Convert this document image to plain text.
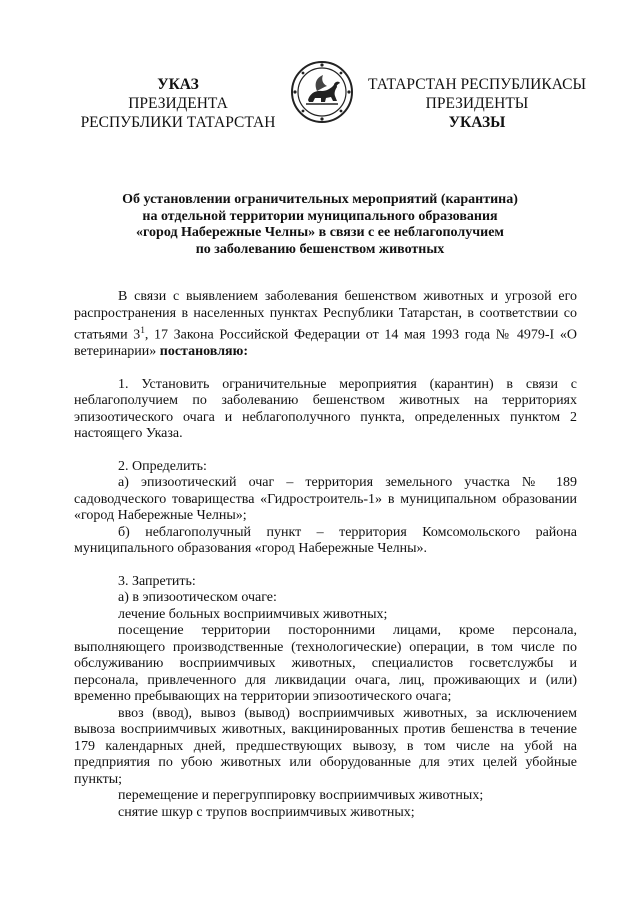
УКАЗ
ПРЕЗИДЕНТА
РЕСПУБЛИКИ ТАТАРСТАН
ТАТАРСТАН РЕСПУБЛИКАСЫ
ПРЕЗИДЕНТЫ
УКАЗЫ
Об установлении ограничительных мероприятий (карантина)
на отдельной территории муниципального образования
«город Набережные Челны» в связи с ее неблагополучием
по заболеванию бешенством животных

В связи с выявлением заболевания бешенством животных и угрозой его распространения в населенных пунктах Республики Татарстан, в соответствии со статьями $3^1$, 17 Закона Российской Федерации от 14 мая 1993 года № 4979-I «О ветеринарии» постановляю:

1. Установить ограничительные мероприятия (карантин) в связи с неблагополучием по заболеванию бешенством животных на территориях эпизоотического очага и неблагополучного пункта, определенных пунктом 2 настоящего Указа.

2. Определить:

а) эпизоотический очаг – территория земельного участка № 189 садоводческого товарищества «Гидростроитель-1» в муниципальном образовании «город Набережные Челны»;

б) неблагополучный пункт – территория Комсомольского района муниципального образования «город Набережные Челны».

3. Запретить:

а) в эпизоотическом очаге:

лечение больных восприимчивых животных;

посещение территории посторонними лицами, кроме персонала, выполняющего производственные (технологические) операции, в том числе по обслуживанию восприимчивых животных, специалистов госветслужбы и персонала, привлеченного для ликвидации очага, лиц, проживающих и (или) временно пребывающих на территории эпизоотического очага;

ввоз (ввод), вывоз (вывод) восприимчивых животных, за исключением вывоза восприимчивых животных, вакцинированных против бешенства в течение 179 календарных дней, предшествующих вывозу, в том числе на убой на предприятия по убою животных или оборудованные для этих целей убойные пункты;

перемещение и перегруппировку восприимчивых животных;

снятие шкур с трупов восприимчивых животных;
